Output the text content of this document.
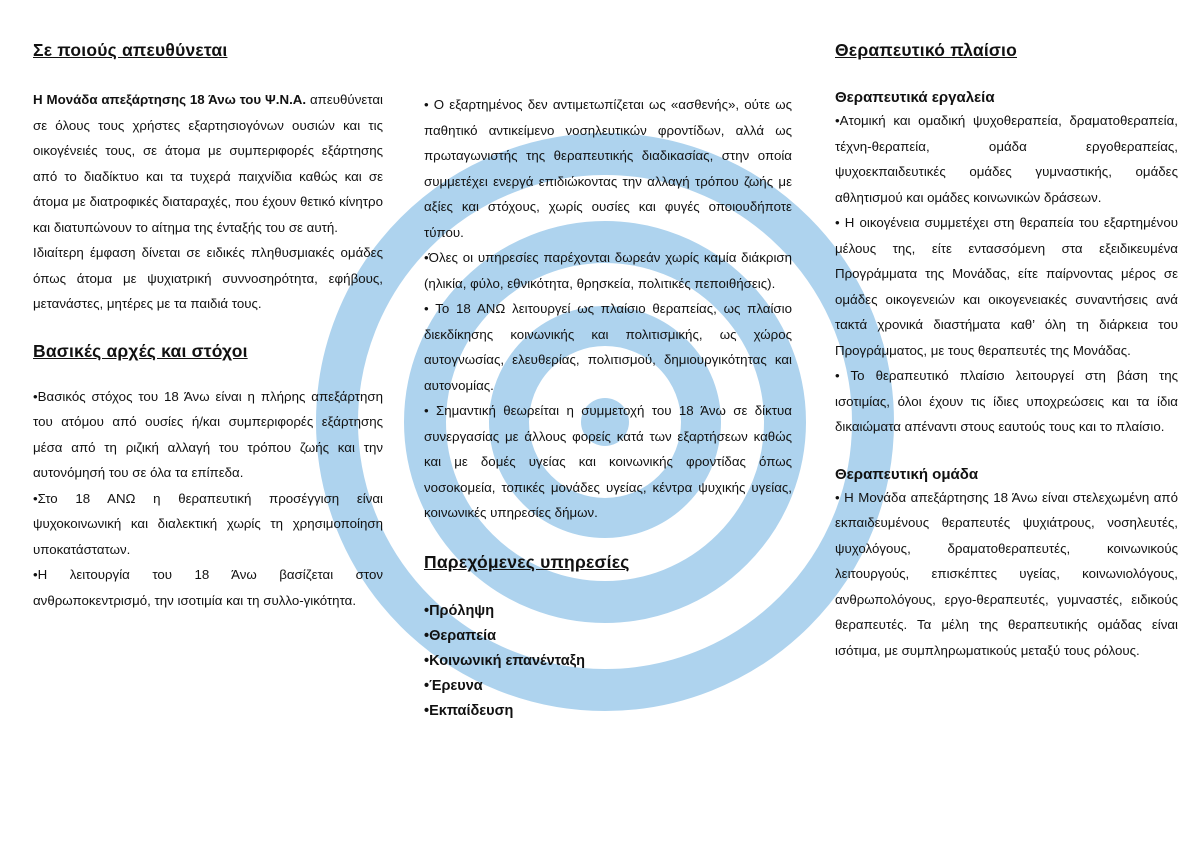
Σε ποιούς απευθύνεται

Η Μονάδα απεξάρτησης 18 Άνω του Ψ.Ν.Α. απευθύνεται σε όλους τους χρήστες εξαρτησιογόνων ουσιών και τις οικογένειές τους, σε άτομα με συμπεριφορές εξάρτησης από το διαδίκτυο και τα τυχερά παιχνίδια καθώς και σε άτομα με διατροφικές διαταραχές, που έχουν θετικό κίνητρο και διατυπώνουν το αίτημα της ένταξής του σε αυτή.

Ιδιαίτερη έμφαση δίνεται σε ειδικές πληθυσμιακές ομάδες όπως άτομα με ψυχιατρική συννοσηρότητα, εφήβους, μετανάστες, μητέρες με τα παιδιά τους.

Βασικές αρχές και στόχοι

•Βασικός στόχος του 18 Άνω είναι η πλήρης απεξάρτηση του ατόμου από ουσίες ή/και συμπεριφορές εξάρτησης μέσα από τη ριζική αλλαγή του τρόπου ζωής και την αυτονόμησή του σε όλα τα επίπεδα.

•Στο 18 ΑΝΩ η θεραπευτική προσέγγιση είναι ψυχοκοινωνική και διαλεκτική χωρίς τη χρησιμοποίηση υποκατάστατων.

•Η λειτουργία του 18 Άνω βασίζεται στον ανθρωποκεντρισμό, την ισοτιμία και τη συλλο-γικότητα.

• Ο εξαρτημένος δεν αντιμετωπίζεται ως «ασθενής», ούτε ως παθητικό αντικείμενο νοσηλευτικών φροντίδων, αλλά ως πρωταγωνιστής της θεραπευτικής διαδικασίας, στην οποία συμμετέχει ενεργά επιδιώκοντας την αλλαγή τρόπου ζωής με αξίες και στόχους, χωρίς ουσίες και φυγές οποιουδήποτε τύπου.

•Όλες οι υπηρεσίες παρέχονται δωρεάν χωρίς καμία διάκριση (ηλικία, φύλο, εθνικότητα, θρησκεία, πολιτικές πεποιθήσεις).

• Το 18 ΑΝΩ λειτουργεί ως πλαίσιο θεραπείας, ως πλαίσιο διεκδίκησης κοινωνικής και πολιτισμικής, ως χώρος αυτογνωσίας, ελευθερίας, πολιτισμού, δημιουργικότητας και αυτονομίας.

• Σημαντική θεωρείται η συμμετοχή του 18 Άνω σε δίκτυα συνεργασίας με άλλους φορείς κατά των εξαρτήσεων καθώς και με δομές υγείας και κοινωνικής φροντίδας όπως νοσοκομεία, τοπικές μονάδες υγείας, κέντρα ψυχικής υγείας, κοινωνικές υπηρεσίες δήμων.

Παρεχόμενες υπηρεσίες
•Πρόληψη
•Θεραπεία
•Κοινωνική επανένταξη
•Έρευνα
•Εκπαίδευση
Θεραπευτικό πλαίσιο
Θεραπευτικά εργαλεία

•Ατομική και ομαδική ψυχοθεραπεία, δραματοθεραπεία, τέχνη-θεραπεία, ομάδα εργοθεραπείας, ψυχοεκπαιδευτικές ομάδες γυμναστικής, ομάδες αθλητισμού και ομάδες κοινωνικών δράσεων.

• Η οικογένεια συμμετέχει στη θεραπεία του εξαρτημένου μέλους της, είτε εντασσόμενη στα εξειδικευμένα Προγράμματα της Μονάδας, είτε παίρνοντας μέρος σε ομάδες οικογενειών και οικογενειακές συναντήσεις ανά τακτά χρονικά διαστήματα καθ’ όλη τη διάρκεια του Προγράμματος, με τους θεραπευτές της Μονάδας.

• Το θεραπευτικό πλαίσιο λειτουργεί στη βάση της ισοτιμίας, όλοι έχουν τις ίδιες υποχρεώσεις και τα ίδια δικαιώματα απέναντι στους εαυτούς τους και το πλαίσιο.

Θεραπευτική ομάδα

• Η Μονάδα απεξάρτησης 18 Άνω είναι στελεχωμένη από εκπαιδευμένους θεραπευτές ψυχιάτρους, νοσηλευτές, ψυχολόγους, δραματοθεραπευτές, κοινωνικούς λειτουργούς, επισκέπτες υγείας, κοινωνιολόγους, ανθρωπολόγους, εργο-θεραπευτές, γυμναστές, ειδικούς θεραπευτές. Τα μέλη της θεραπευτικής ομάδας είναι ισότιμα, με συμπληρωματικούς μεταξύ τους ρόλους.
